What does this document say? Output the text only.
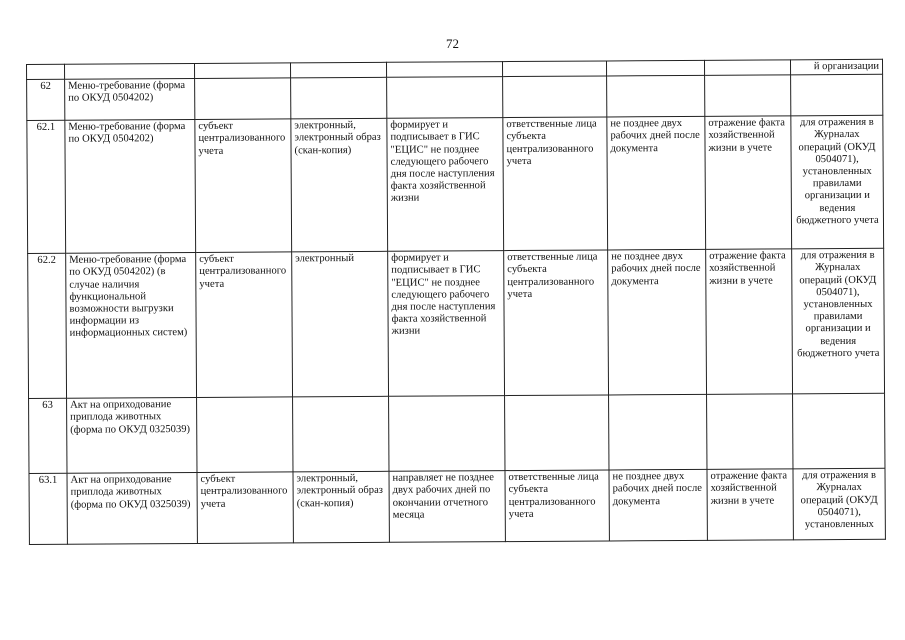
72

								й организации

62	Меню-требование (форма по ОКУД 0504202)							
62.1	Меню-требование (форма по ОКУД 0504202)	субъект централизованного учета	электронный, электронный образ (скан-копия)	формирует и подписывает в ГИС "ЕЦИС" не позднее следующего рабочего дня после наступления факта хозяйственной жизни	ответственные лица субъекта централизованного учета	не позднее двух рабочих дней после документа	отражение факта хозяйственной жизни в учете	для отражения в Журналах операций (ОКУД 0504071), установленных правилами организации и ведения бюджетного учета
62.2	Меню-требование (форма по ОКУД 0504202) (в случае наличия функциональной возможности выгрузки информации из информационных систем)	субъект централизованного учета	электронный	формирует и подписывает в ГИС "ЕЦИС" не позднее следующего рабочего дня после наступления факта хозяйственной жизни	ответственные лица субъекта централизованного учета	не позднее двух рабочих дней после документа	отражение факта хозяйственной жизни в учете	для отражения в Журналах операций (ОКУД 0504071), установленных правилами организации и ведения бюджетного учета
63	Акт на оприходование приплода животных (форма по ОКУД 0325039)							
63.1	Акт на оприходование приплода животных (форма по ОКУД 0325039)	субъект централизованного учета	электронный, электронный образ (скан-копия)	направляет не позднее двух рабочих дней по окончании отчетного месяца	ответственные лица субъекта централизованного учета	не позднее двух рабочих дней после документа	отражение факта хозяйственной жизни в учете	для отражения в Журналах операций (ОКУД 0504071), установленных
